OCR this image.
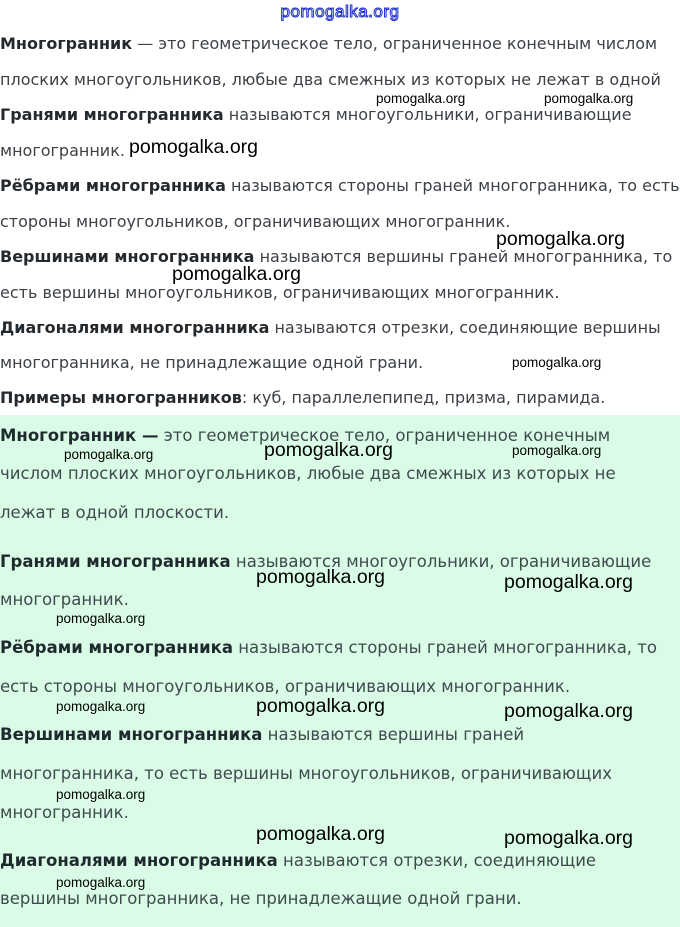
pomogalka.org
Многогранник — это геометрическое тело, ограниченное конечным числом
плоских многоугольников, любые два смежных из которых не лежат в одной
Гранями многогранника называются многоугольники, ограничивающие
многогранник.
Рёбрами многогранника называются стороны граней многогранника, то есть
стороны многоугольников, ограничивающих многогранник.
Вершинами многогранника называются вершины граней многогранника, то
есть вершины многоугольников, ограничивающих многогранник.
Диагоналями многогранника называются отрезки, соединяющие вершины
многогранника, не принадлежащие одной грани.
Примеры многогранников: куб, параллелепипед, призма, пирамида.
Многогранник — это геометрическое тело, ограниченное конечным
числом плоских многоугольников, любые два смежных из которых не
лежат в одной плоскости.
Гранями многогранника называются многоугольники, ограничивающие
многогранник.
Рёбрами многогранника называются стороны граней многогранника, то
есть стороны многоугольников, ограничивающих многогранник.
Вершинами многогранника называются вершины граней
многогранника, то есть вершины многоугольников, ограничивающих
многогранник.
Диагоналями многогранника называются отрезки, соединяющие
вершины многогранника, не принадлежащие одной грани.
pomogalka.org	pomogalka.org
pomogalka.org
pomogalka.org
pomogalka.org
pomogalka.org
pomogalka.org	pomogalka.org	pomogalka.org
pomogalka.org	pomogalka.org
pomogalka.org
pomogalka.org	pomogalka.org	pomogalka.org
pomogalka.org
pomogalka.org	pomogalka.org
pomogalka.org
